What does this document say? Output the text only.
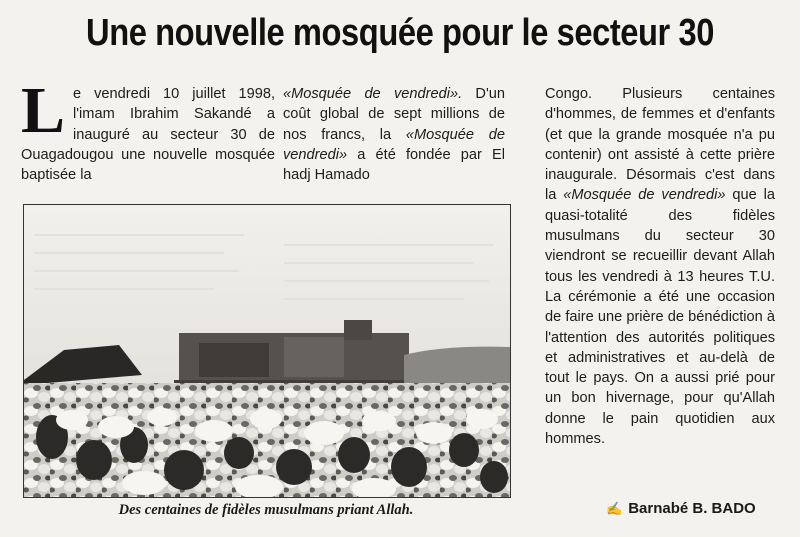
Une nouvelle mosquée pour le secteur 30

Le vendredi 10 juillet 1998, l'imam Ibrahim Sakandé a inauguré au secteur 30 de Ouagadougou une nouvelle mosquée baptisée la

«Mosquée de vendredi». D'un coût global de sept millions de nos francs, la «Mosquée de vendredi» a été fondée par El hadj Hamado

Congo. Plusieurs centaines d'hommes, de femmes et d'enfants (et que la grande mosquée n'a pu contenir) ont assisté à cette prière inaugurale. Désormais c'est dans la «Mosquée de vendredi» que la quasi-totalité des fidèles musulmans du secteur 30 viendront se recueillir devant Allah tous les vendredi à 13 heures T.U. La cérémonie a été une occasion de faire une prière de bénédiction à l'attention des autorités politiques et administratives et au-delà de tout le pays. On a aussi prié pour un bon hivernage, pour qu'Allah donne le pain quotidien aux hommes.

Des centaines de fidèles musulmans priant Allah.	✍ Barnabé B. BADO
